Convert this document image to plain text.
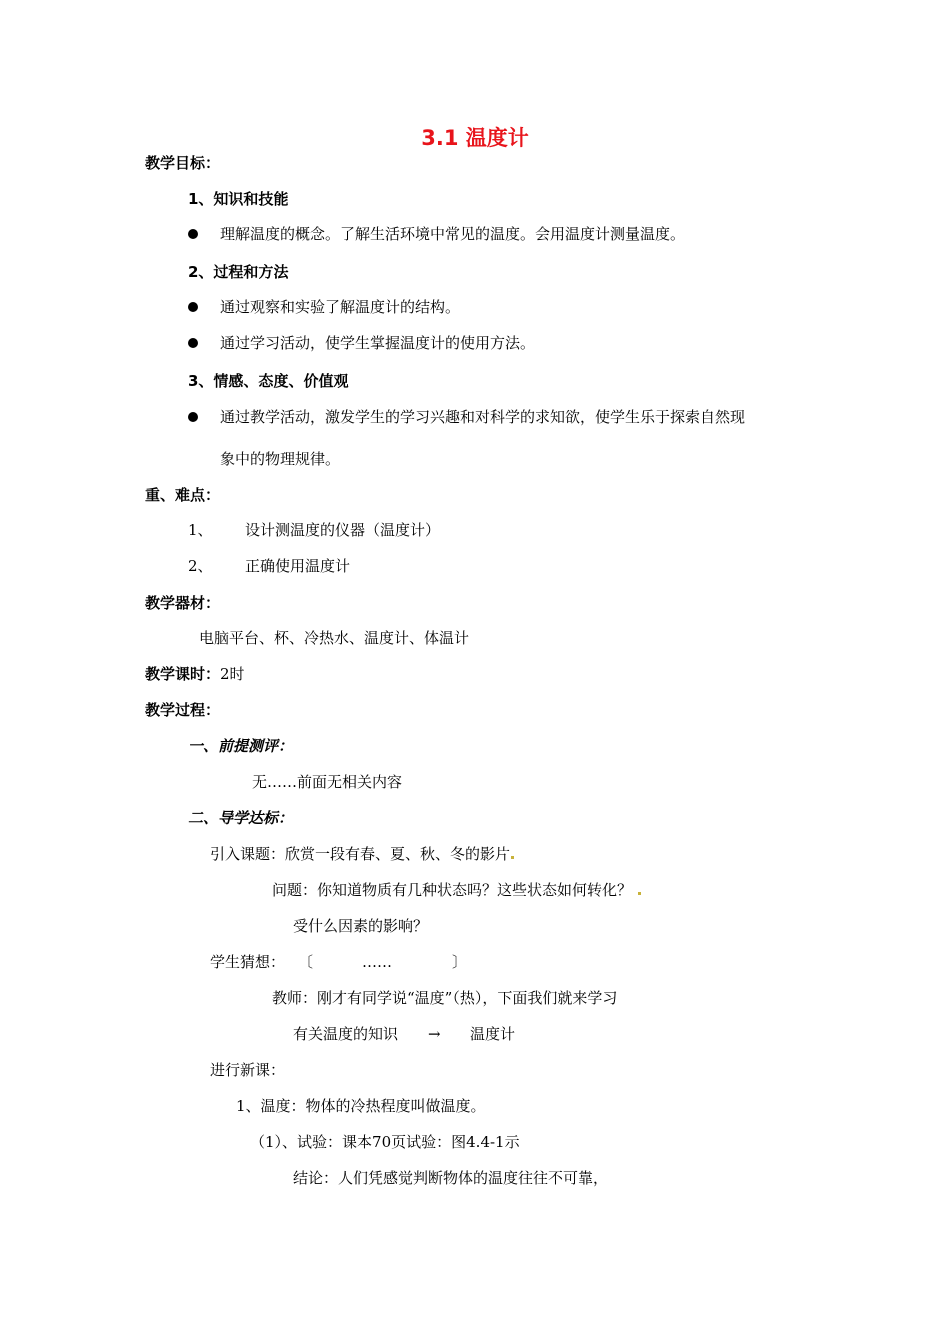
3.1 温度计
教学目标：
1、知识和技能
理解温度的概念。了解生活环境中常见的温度。会用温度计测量温度。
2、过程和方法
通过观察和实验了解温度计的结构。
通过学习活动，使学生掌握温度计的使用方法。
3、情感、态度、价值观
通过教学活动，激发学生的学习兴趣和对科学的求知欲，使学生乐于探索自然现
象中的物理规律。
重、难点：
1、 设计测温度的仪器（温度计）
2、 正确使用温度计
教学器材：
电脑平台、杯、冷热水、温度计、体温计
教学课时：2时
教学过程：
一、前提测评：
无……前面无相关内容
二、导学达标：
引入课题：欣赏一段有春、夏、秋、冬的影片
问题：你知道物质有几种状态吗？这些状态如何转化？
受什么因素的影响？
学生猜想： 〔	……	〕
教师：刚才有同学说“温度”（热），下面我们就来学习
有关温度的知识 → 温度计
进行新课：
1、温度：物体的冷热程度叫做温度。
（1）、试验：课本70页试验：图4.4-1示
结论：人们凭感觉判断物体的温度往往不可靠，
